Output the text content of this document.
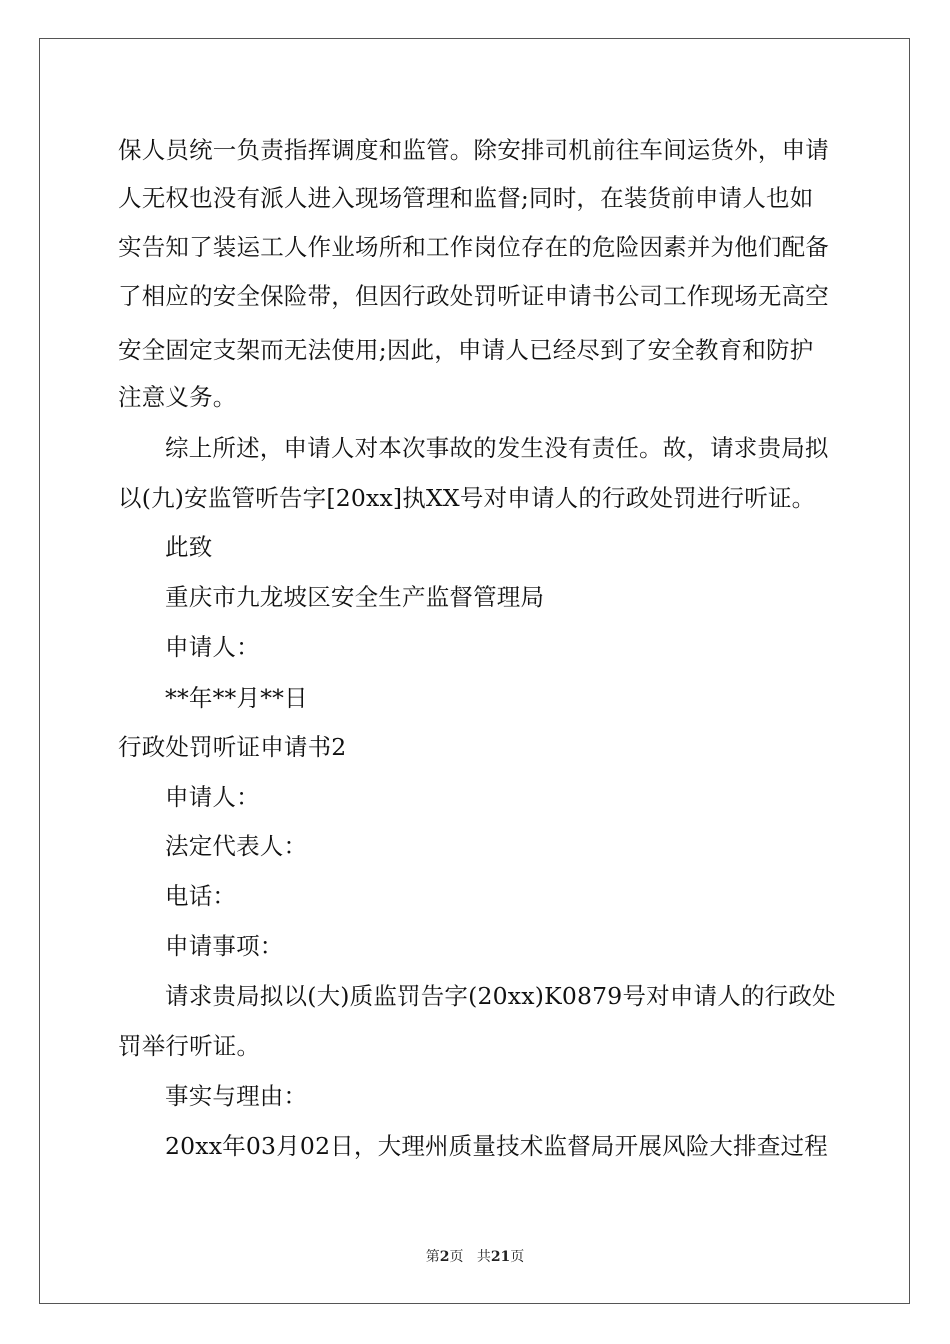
保人员统一负责指挥调度和监管。除安排司机前往车间运货外，申请
人无权也没有派人进入现场管理和监督;同时，在装货前申请人也如
实告知了装运工人作业场所和工作岗位存在的危险因素并为他们配备
了相应的安全保险带，但因行政处罚听证申请书公司工作现场无高空
安全固定支架而无法使用;因此，申请人已经尽到了安全教育和防护
注意义务。
综上所述，申请人对本次事故的发生没有责任。故，请求贵局拟
以(九)安监管听告字[20xx]执XX号对申请人的行政处罚进行听证。
此致
重庆市九龙坡区安全生产监督管理局
申请人：
**年**月**日
行政处罚听证申请书2
申请人：
法定代表人：
电话：
申请事项：
请求贵局拟以(大)质监罚告字(20xx)K0879号对申请人的行政处
罚举行听证。
事实与理由：
20xx年03月02日，大理州质量技术监督局开展风险大排查过程
第2页 共21页
